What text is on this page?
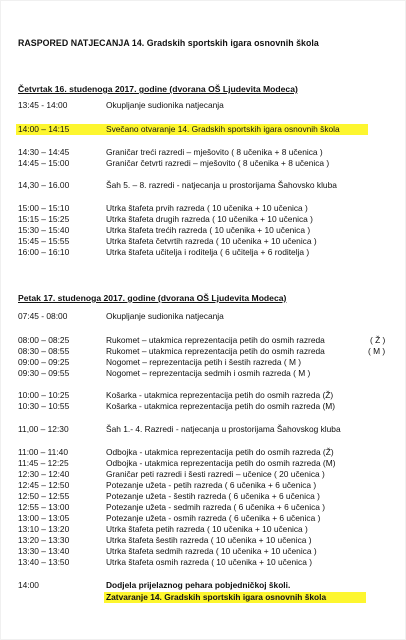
RASPORED NATJECANJA 14. Gradskih sportskih igara osnovnih škola
Četvrtak 16. studenoga 2017. godine (dvorana OŠ Ljudevita Modeca)
13:45 - 14:00	Okupljanje sudionika natjecanja
14:00 – 14:15	Svečano otvaranje 14. Gradskih sportskih igara osnovnih škola
14:30 – 14:45	Graničar treći razredi – mješovito ( 8 učenika + 8 učenica )
14:45 – 15:00	Graničar četvrti razredi – mješovito ( 8 učenika + 8 učenica )
14,30 – 16.00	Šah 5. – 8. razredi - natjecanja u prostorijama Šahovsko kluba
15:00 – 15:10	Utrka štafeta prvih razreda ( 10 učenika + 10 učenica )
15:15 – 15:25	Utrka štafeta drugih razreda ( 10 učenika + 10 učenica )
15:30 – 15:40	Utrka štafeta trećih razreda ( 10 učenika + 10 učenica )
15:45 – 15:55	Utrka štafeta četvrtih razreda ( 10 učenika + 10 učenica )
16:00 – 16:10	Utrka štafeta učitelja i roditelja ( 6 učitelja + 6 roditelja )
Petak 17. studenoga 2017. godine (dvorana OŠ Ljudevita Modeca)
07:45 - 08:00	Okupljanje sudionika natjecanja
08:00 – 08:25	Rukomet – utakmica reprezentacija petih do osmih razreda	( Ž )
08:30 – 08:55	Rukomet – utakmica reprezentacija petih do osmih razreda	( M )
09:00 – 09:25	Nogomet – reprezentacija petih i šestih razreda ( M )
09:30 – 09:55	Nogomet – reprezentacija sedmih i osmih razreda ( M )
10:00 – 10:25	Košarka - utakmica reprezentacija petih do osmih razreda (Ž)
10:30 – 10:55	Košarka - utakmica reprezentacija petih do osmih razreda (M)
11,00 – 12:30	Šah 1.- 4. Razredi - natjecanja u prostorijama Šahovskog kluba
11:00 – 11:40	Odbojka - utakmica reprezentacija petih do osmih razreda (Ž)
11:45 – 12:25	Odbojka - utakmica reprezentacija petih do osmih razreda (M)
12:30 – 12:40	Graničar peti razredi i šesti razredi – učenice ( 20 učenica )
12:45 – 12:50	Potezanje užeta - petih razreda ( 6 učenika + 6 učenica )
12:50 – 12:55	Potezanje užeta - šestih razreda ( 6 učenika + 6 učenica )
12:55 – 13:00	Potezanje užeta - sedmih razreda ( 6 učenika + 6 učenica )
13:00 – 13:05	Potezanje užeta - osmih razreda ( 6 učenika + 6 učenica )
13:10 – 13:20	Utrka štafeta petih razreda ( 10 učenika + 10 učenica )
13:20 – 13:30	Utrka štafeta šestih razreda ( 10 učenika + 10 učenica )
13:30 – 13:40	Utrka štafeta sedmih razreda ( 10 učenika + 10 učenica )
13:40 – 13:50	Utrka štafeta osmih razreda ( 10 učenika + 10 učenica )
14:00	Dodjela prijelaznog pehara pobjedničkoj školi.
Zatvaranje 14. Gradskih sportskih igara osnovnih škola
